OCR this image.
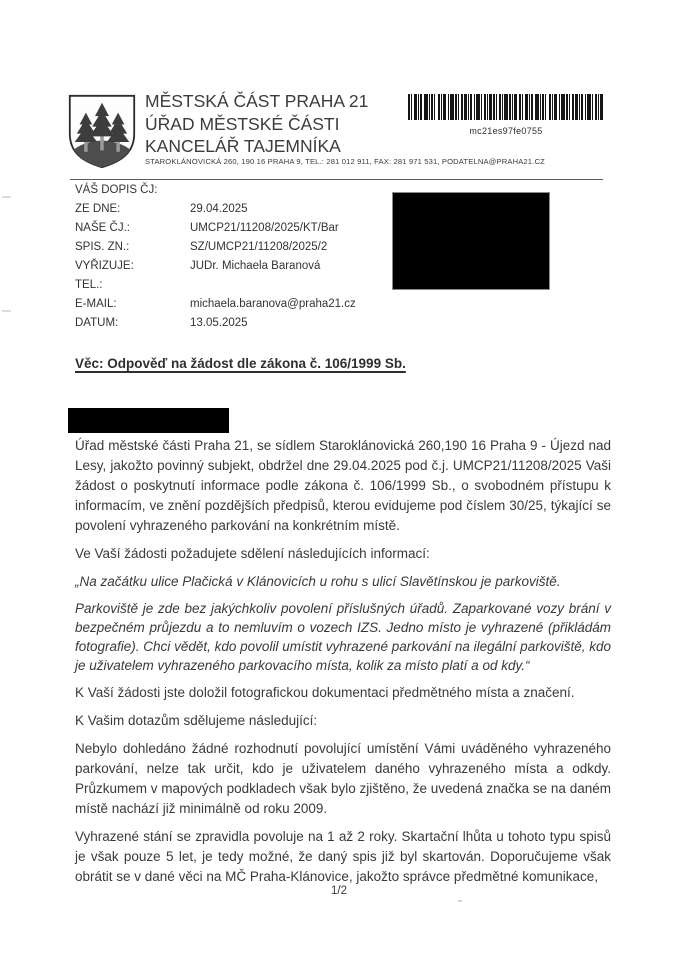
MĚSTSKÁ ČÁST PRAHA 21
ÚŘAD MĚSTSKÉ ČÁSTI
KANCELÁŘ TAJEMNÍKA
STAROKLÁNOVICKÁ 260, 190 16 PRAHA 9, TEL.: 281 012 911, FAX: 281 971 531, PODATELNA@PRAHA21.CZ
mc21es97fe0755
VÁŠ DOPIS ČJ:
ZE DNE:	29.04.2025
NAŠE ČJ.:	UMCP21/11208/2025/KT/Bar
SPIS. ZN.:	SZ/UMCP21/11208/2025/2
VYŘIZUJE:	JUDr. Michaela Baranová
TEL.:
E-MAIL:	michaela.baranova@praha21.cz
DATUM:	13.05.2025
Věc: Odpověď na žádost dle zákona č. 106/1999 Sb.

Úřad městské části Praha 21, se sídlem Staroklánovická 260,190 16 Praha 9 - Újezd nad Lesy, jakožto povinný subjekt, obdržel dne 29.04.2025 pod č.j. UMCP21/11208/2025 Vaši žádost o poskytnutí informace podle zákona č. 106/1999 Sb., o svobodném přístupu k informacím, ve znění pozdějších předpisů, kterou evidujeme pod číslem 30/25, týkající se povolení vyhrazeného parkování na konkrétním místě.

Ve Vaší žádosti požadujete sdělení následujících informací:

„Na začátku ulice Plačická v Klánovicích u rohu s ulicí Slavětínskou je parkoviště.

Parkoviště je zde bez jakýchkoliv povolení příslušných úřadů. Zaparkované vozy brání v bezpečném průjezdu a to nemluvím o vozech IZS. Jedno místo je vyhrazené (přikládám fotografie). Chci vědět, kdo povolil umístit vyhrazené parkování na ilegální parkoviště, kdo je uživatelem vyhrazeného parkovacího místa, kolik za místo platí a od kdy.“

K Vaší žádosti jste doložil fotografickou dokumentaci předmětného místa a značení.

K Vašim dotazům sdělujeme následující:

Nebylo dohledáno žádné rozhodnutí povolující umístění Vámi uváděného vyhrazeného parkování, nelze tak určit, kdo je uživatelem daného vyhrazeného místa a odkdy. Průzkumem v mapových podkladech však bylo zjištěno, že uvedená značka se na daném místě nachází již minimálně od roku 2009.

Vyhrazené stání se zpravidla povoluje na 1 až 2 roky. Skartační lhůta u tohoto typu spisů je však pouze 5 let, je tedy možné, že daný spis již byl skartován. Doporučujeme však obrátit se v dané věci na MČ Praha-Klánovice, jakožto správce předmětné komunikace,

1/2
